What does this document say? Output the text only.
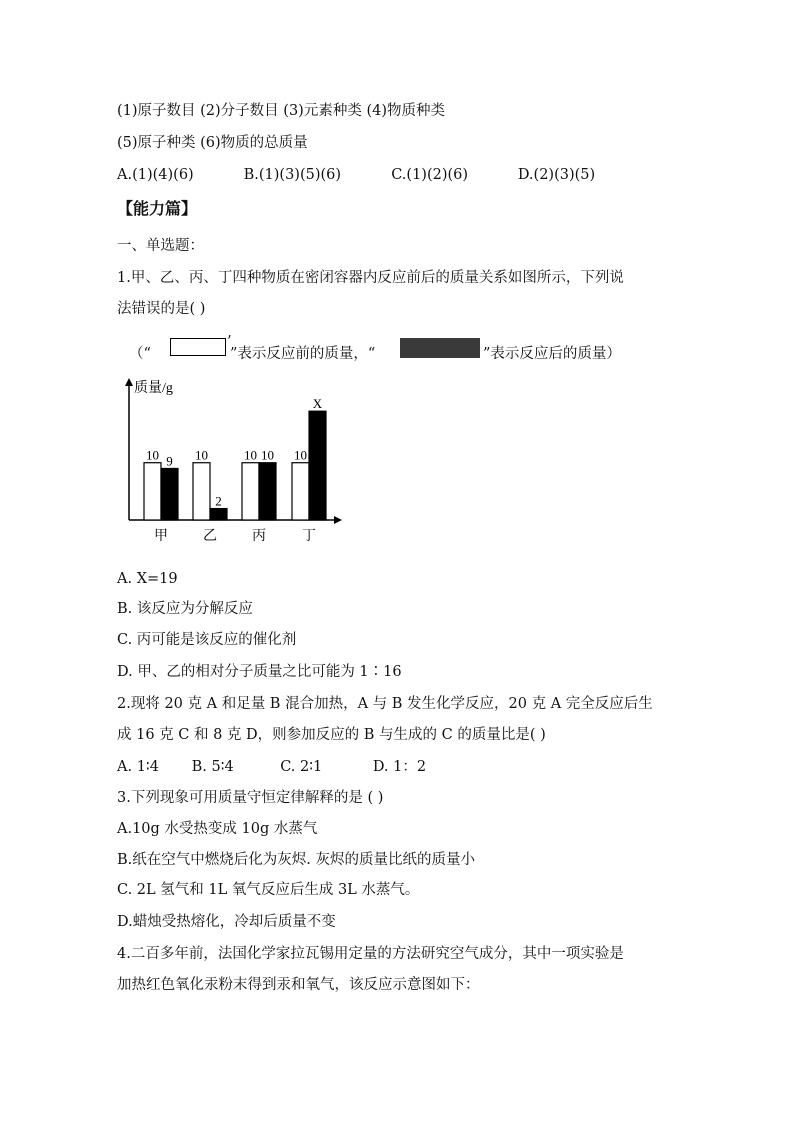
(1)原子数目 (2)分子数目 (3)元素种类 (4)物质种类
(5)原子种类 (6)物质的总质量
A.(1)(4)(6)	B.(1)(3)(5)(6)	C.(1)(2)(6)	D.(2)(3)(5)
【能力篇】
一、单选题：
1.甲、乙、丙、丁四种物质在密闭容器内反应前后的质量关系如图所示，下列说
法错误的是( )
（“
’
”表示反应前的质量，“	”表示反应后的质量）
质量/g
10 9
甲
10
2
乙
10 10
丙
10
X
丁
A. X=19
B. 该反应为分解反应
C. 丙可能是该反应的催化剂
D. 甲、乙的相对分子质量之比可能为 1∶16
2.现将 20 克 A 和足量 B 混合加热，A 与 B 发生化学反应，20 克 A 完全反应后生
成 16 克 C 和 8 克 D，则参加反应的 B 与生成的 C 的质量比是( )
A. 1∶4 B. 5∶4	C. 2∶1	D. 1：2
3.下列现象可用质量守恒定律解释的是 ( )
A.10g 水受热变成 10g 水蒸气
B.纸在空气中燃烧后化为灰烬. 灰烬的质量比纸的质量小
C. 2L 氢气和 1L 氧气反应后生成 3L 水蒸气。
D.蜡烛受热熔化，冷却后质量不变
4.二百多年前，法国化学家拉瓦锡用定量的方法研究空气成分，其中一项实验是
加热红色氧化汞粉末得到汞和氧气，该反应示意图如下：
